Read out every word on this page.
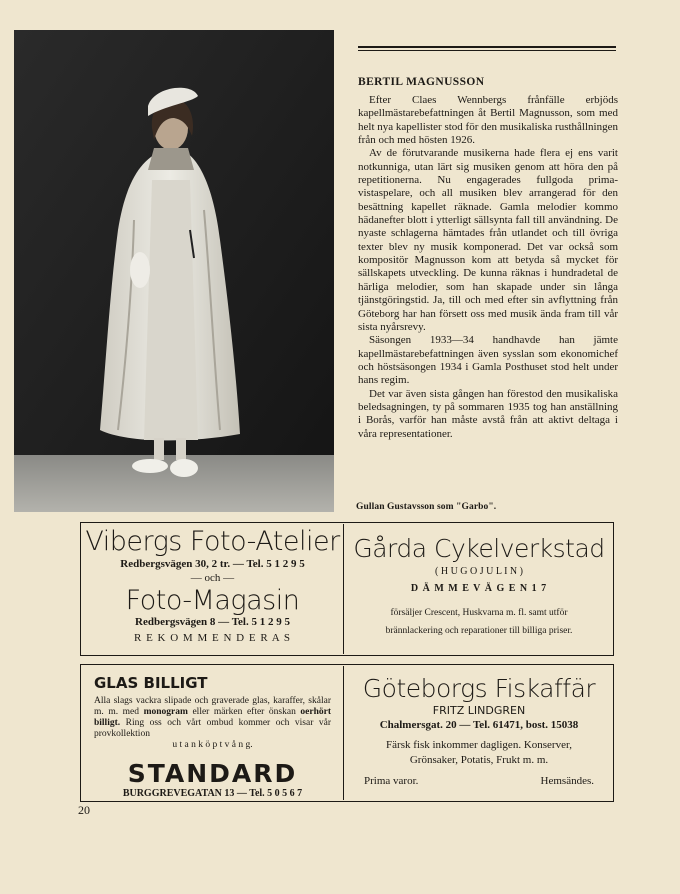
BERTIL MAGNUSSON

Efter Claes Wennbergs frånfälle erbjöds kapellmästarebefattningen åt Bertil Magnusson, som med helt nya kapellister stod för den musikaliska rusthållningen från och med hösten 1926.

Av de förutvarande musikerna hade flera ej ens varit notkunniga, utan lärt sig musiken genom att höra den på repetitionerna. Nu engagerades fullgoda prima-vistaspelare, och all musiken blev arrangerad för den besättning kapellet räknade. Gamla melodier kommo hädanefter blott i ytterligt sällsynta fall till användning. De nyaste schlagerna hämtades från utlandet och till övriga texter blev ny musik komponerad. Det var också som kompositör Magnusson kom att betyda så mycket för sällskapets utveckling. De kunna räknas i hundradetal de härliga melodier, som han skapade under sin långa tjänstgöringstid. Ja, till och med efter sin avflyttning från Göteborg har han försett oss med musik ända fram till vår sista nyårsrevy.

Säsongen 1933—34 handhavde han jämte kapellmästarebefattningen även sysslan som ekonomichef och höstsäsongen 1934 i Gamla Posthuset stod helt under hans regim.

Det var även sista gången han förestod den musikaliska beledsagningen, ty på sommaren 1935 tog han anställning i Borås, varför han måste avstå från att aktivt deltaga i våra representationer.

Gullan Gustavsson som "Garbo".
Vibergs Foto-Atelier
Redbergsvägen 30, 2 tr. — Tel. 5 1 2 9 5
— och —
Foto-Magasin
Redbergsvägen 8 — Tel. 5 1 2 9 5
R E K O M M E N D E R A S
Gårda Cykelverkstad
( H U G O J U L I N )
D Ä M M E V Ä G E N 1 7
försäljer Crescent, Huskvarna m. fl. samt utför
brännlackering och reparationer till billiga priser.
GLAS BILLIGT
Alla slags vackra slipade och graverade glas, karaffer, skålar m. m. med monogram eller märken efter önskan oerhört billigt. Ring oss och vårt ombud kommer och visar vår provkollektion
u t a n k ö p t v å n g.
STANDARD
BURGGREVEGATAN 13 — Tel. 5 0 5 6 7
Göteborgs Fiskaffär
FRITZ LINDGREN
Chalmersgat. 20 — Tel. 61471, bost. 15038
Färsk fisk inkommer dagligen. Konserver,
Grönsaker, Potatis, Frukt m. m.
Prima varor.	Hemsändes.
20
